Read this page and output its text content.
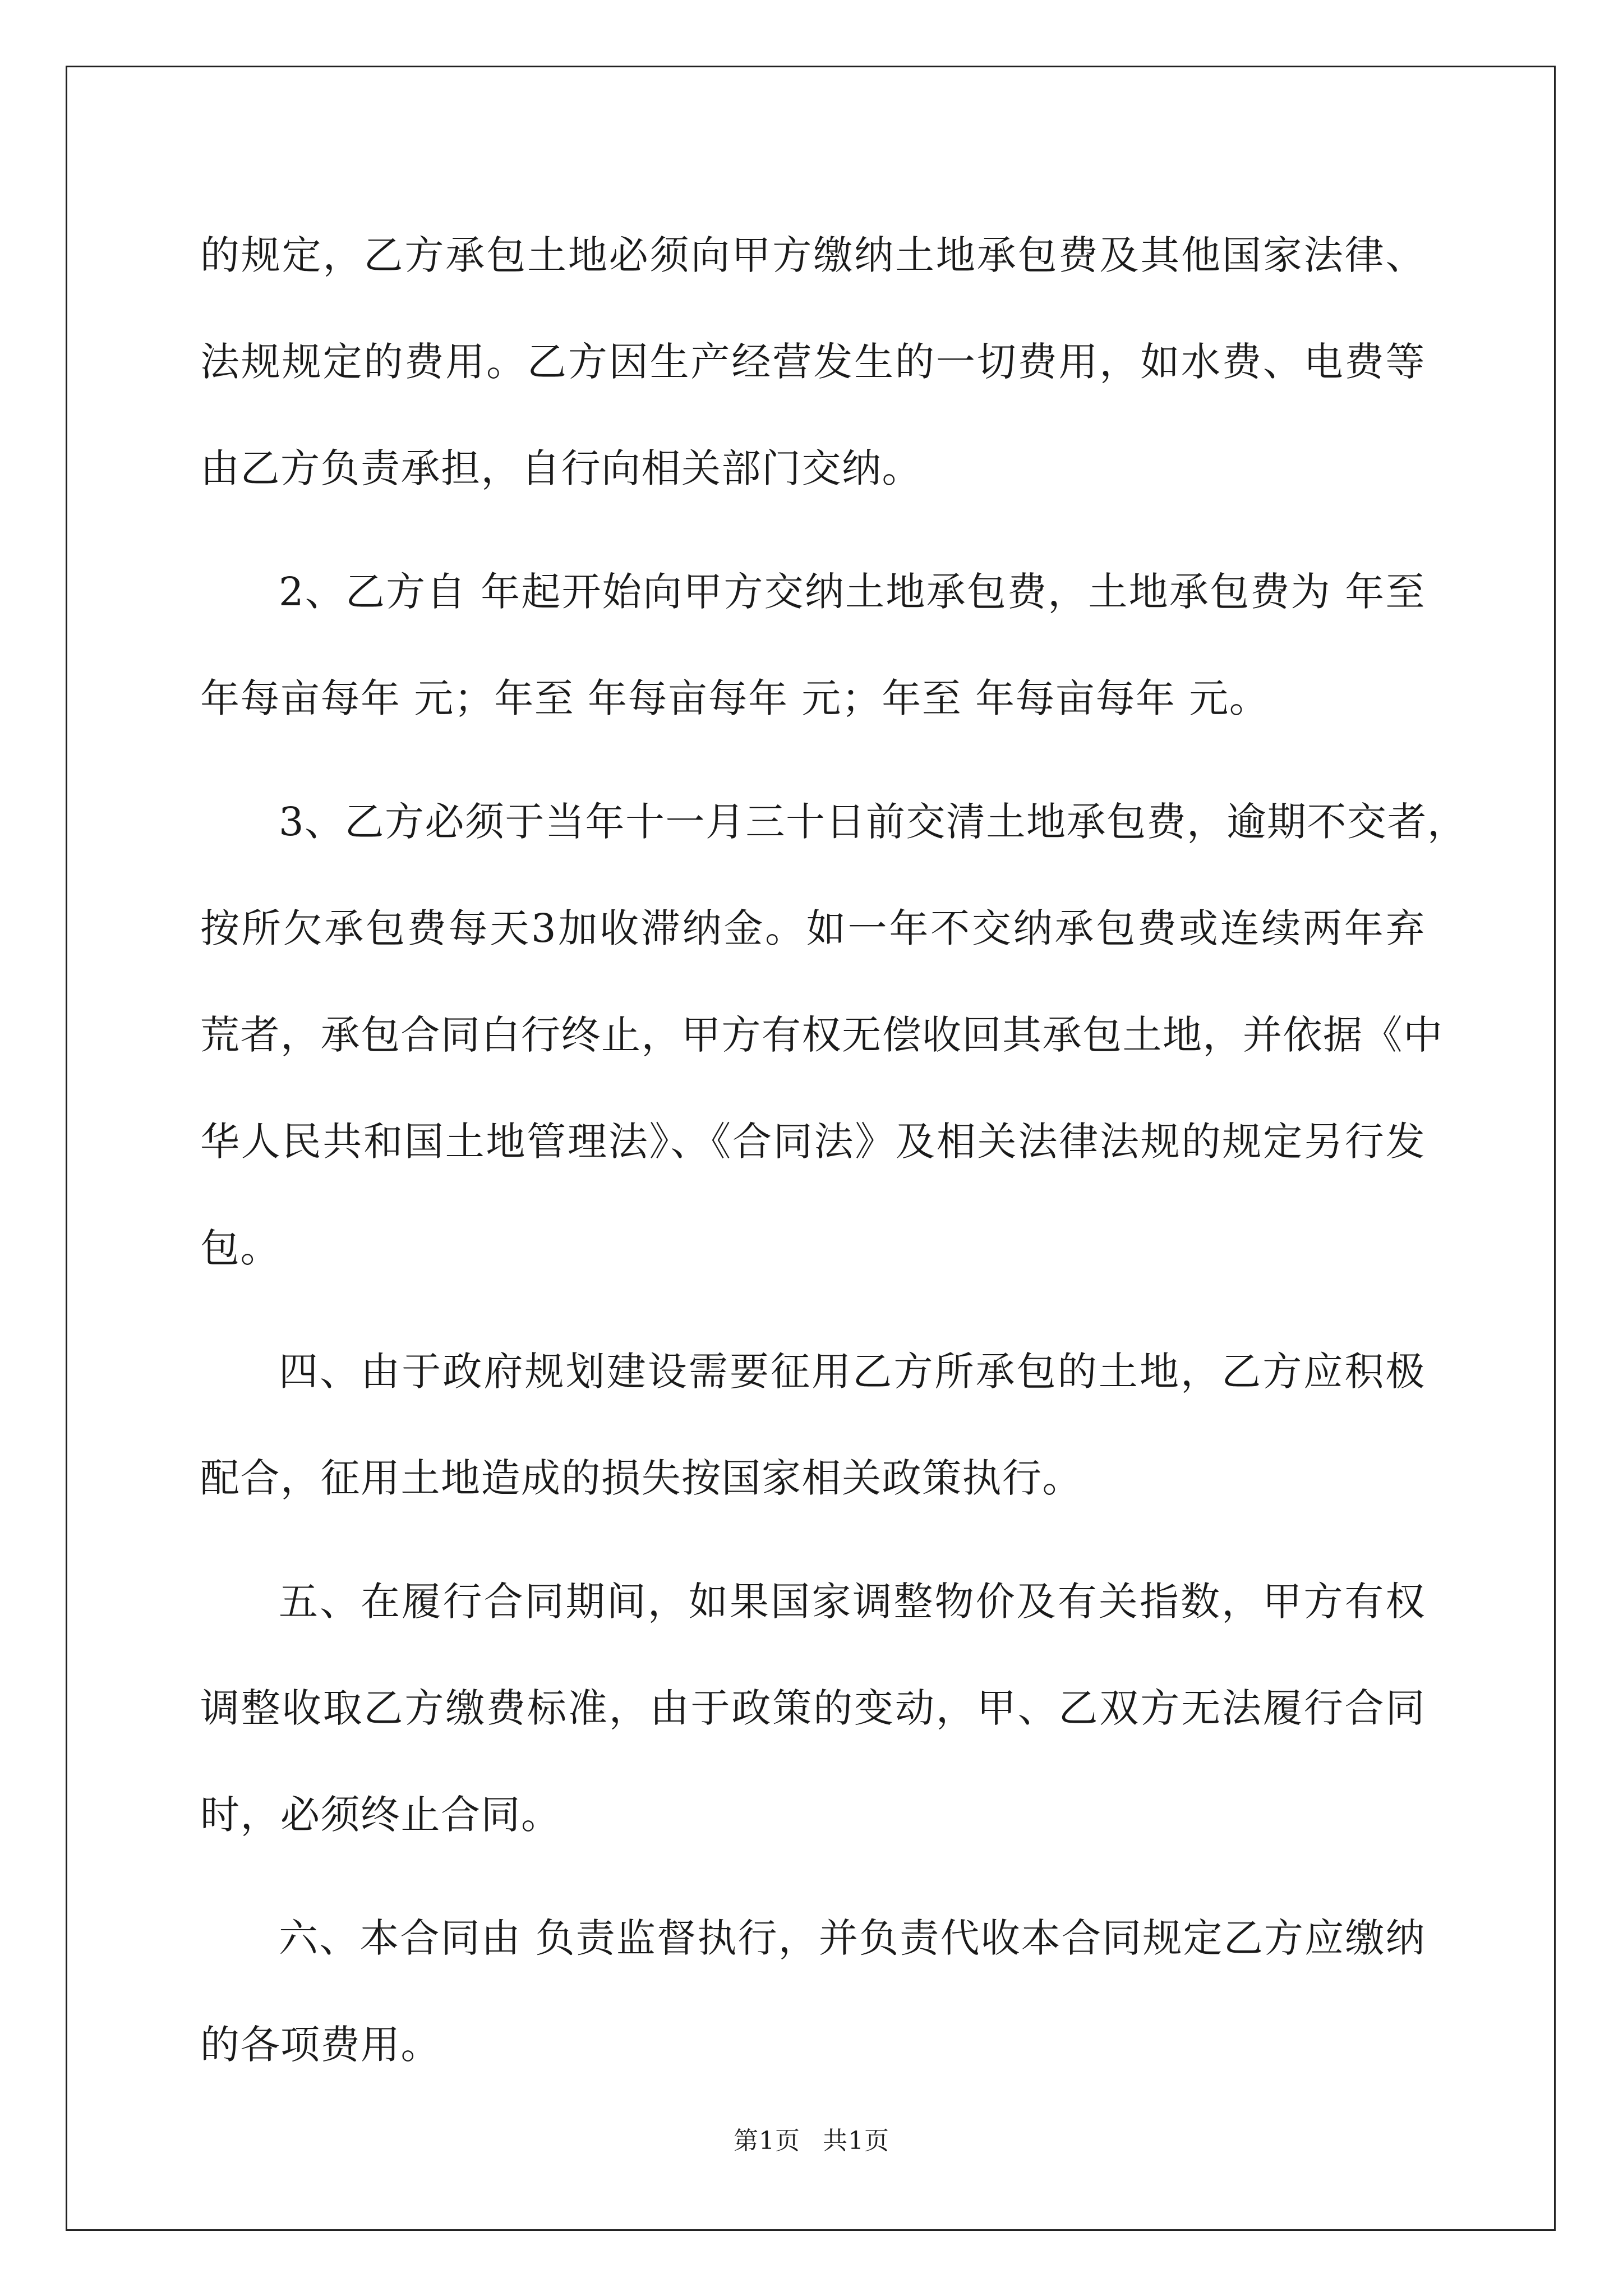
的规定，乙方承包土地必须向甲方缴纳土地承包费及其他国家法律、
法规规定的费用。乙方因生产经营发生的一切费用，如水费、电费等
由乙方负责承担，自行向相关部门交纳。
2、乙方自 年起开始向甲方交纳土地承包费，土地承包费为 年至
年每亩每年 元；年至 年每亩每年 元；年至 年每亩每年 元。
3、乙方必须于当年十一月三十日前交清土地承包费，逾期不交者，
按所欠承包费每天3加收滞纳金。如一年不交纳承包费或连续两年弃
荒者，承包合同白行终止，甲方有权无偿收回其承包土地，并依据《中
华人民共和国土地管理法》、《合同法》及相关法律法规的规定另行发
包。
四、由于政府规划建设需要征用乙方所承包的土地，乙方应积极
配合，征用土地造成的损失按国家相关政策执行。
五、在履行合同期间，如果国家调整物价及有关指数，甲方有权
调整收取乙方缴费标准，由于政策的变动，甲、乙双方无法履行合同
时，必须终止合同。
六、本合同由 负责监督执行，并负责代收本合同规定乙方应缴纳
的各项费用。
第1页 共1页
